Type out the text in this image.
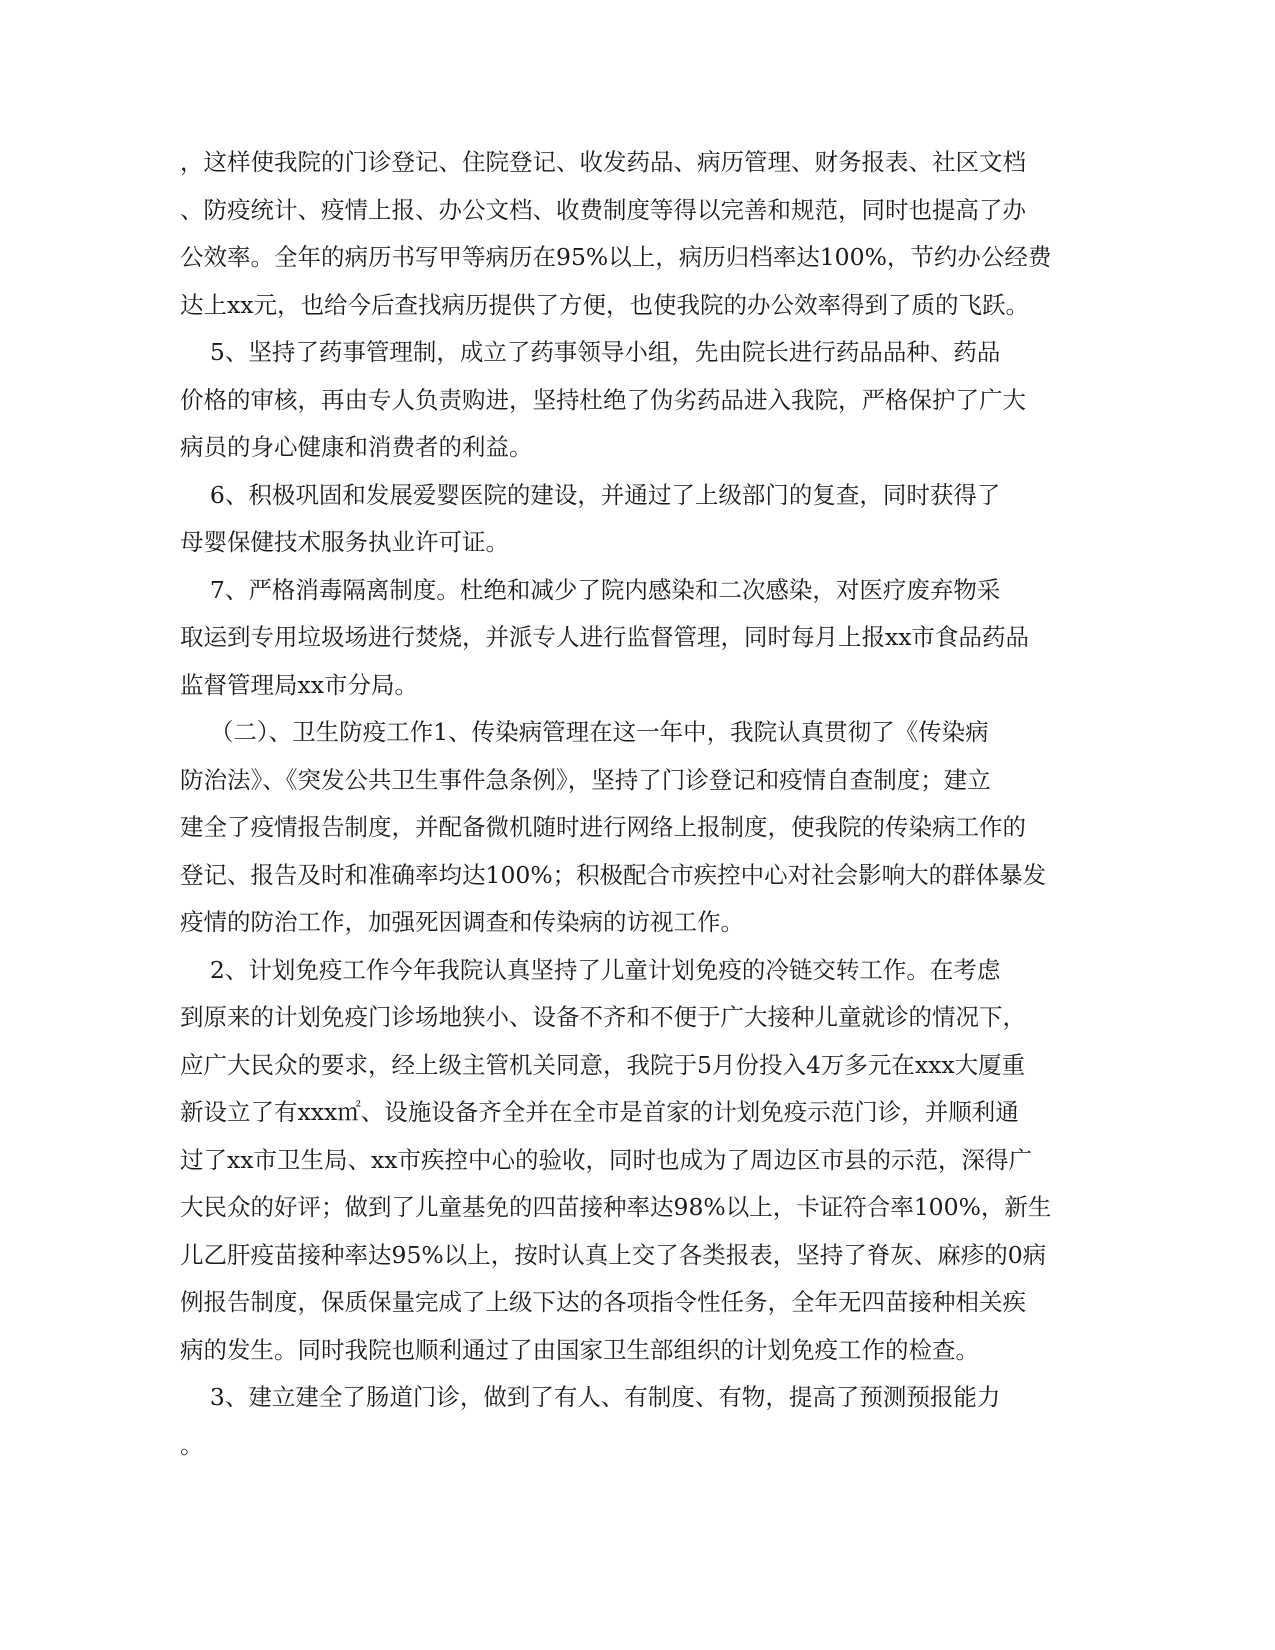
，这样使我院的门诊登记、住院登记、收发药品、病历管理、财务报表、社区文档
、防疫统计、疫情上报、办公文档、收费制度等得以完善和规范，同时也提高了办
公效率。全年的病历书写甲等病历在95%以上，病历归档率达100%，节约办公经费
达上xx元，也给今后查找病历提供了方便，也使我院的办公效率得到了质的飞跃。
5、坚持了药事管理制，成立了药事领导小组，先由院长进行药品品种、药品
价格的审核，再由专人负责购进，坚持杜绝了伪劣药品进入我院，严格保护了广大
病员的身心健康和消费者的利益。
6、积极巩固和发展爱婴医院的建设，并通过了上级部门的复查，同时获得了
母婴保健技术服务执业许可证。
7、严格消毒隔离制度。杜绝和减少了院内感染和二次感染，对医疗废弃物采
取运到专用垃圾场进行焚烧，并派专人进行监督管理，同时每月上报xx市食品药品
监督管理局xx市分局。
（二）、卫生防疫工作1、传染病管理在这一年中，我院认真贯彻了《传染病
防治法》、《突发公共卫生事件急条例》，坚持了门诊登记和疫情自查制度；建立
建全了疫情报告制度，并配备微机随时进行网络上报制度，使我院的传染病工作的
登记、报告及时和准确率均达100%；积极配合市疾控中心对社会影响大的群体暴发
疫情的防治工作，加强死因调查和传染病的访视工作。
2、计划免疫工作今年我院认真坚持了儿童计划免疫的冷链交转工作。在考虑
到原来的计划免疫门诊场地狭小、设备不齐和不便于广大接种儿童就诊的情况下，
应广大民众的要求，经上级主管机关同意，我院于5月份投入4万多元在xxx大厦重
新设立了有xxx㎡、设施设备齐全并在全市是首家的计划免疫示范门诊，并顺利通
过了xx市卫生局、xx市疾控中心的验收，同时也成为了周边区市县的示范，深得广
大民众的好评；做到了儿童基免的四苗接种率达98%以上，卡证符合率100%，新生
儿乙肝疫苗接种率达95%以上，按时认真上交了各类报表，坚持了脊灰、麻疹的0病
例报告制度，保质保量完成了上级下达的各项指令性任务，全年无四苗接种相关疾
病的发生。同时我院也顺利通过了由国家卫生部组织的计划免疫工作的检查。
3、建立建全了肠道门诊，做到了有人、有制度、有物，提高了预测预报能力
。
